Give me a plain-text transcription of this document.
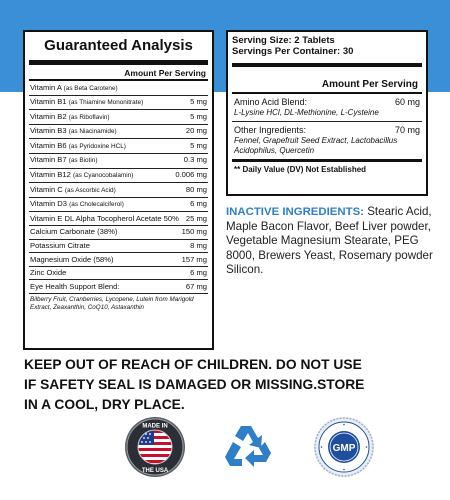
Guaranteed Analysis
Amount Per Serving
Vitamin A (as Beta Carotene)
Vitamin B1 (as Thiamine Mononitrate)	5 mg
Vitamin B2 (as Riboflavin)	5 mg
Vitamin B3 (as Niacinamide)	20 mg
Vitamin B6 (as Pyridoxine HCL)	5 mg
Vitamin B7 (as Biotin)	0.3 mg
Vitamin B12 (as Cyanocobalamin)	0.006 mg
Vitamin C (as Ascorbic Acid)	80 mg
Vitamin D3 (as Cholecalciferol)	6 mg
Vitamin E DL Alpha Tocopherol Acetate 50% 25 mg
Calcium Carbonate (38%)	150 mg
Potassium Citrate	8 mg
Magnesium Oxide (58%)	157 mg
Zinc Oxide	6 mg
Eye Health Support Blend:	67 mg
Bilberry Fruit, Cranberries, Lycopene, Lutein from Marigold Extract, Zeaxanthin, CoQ10, Astaxanthin
Serving Size: 2 Tablets
Servings Per Container: 30
Amount Per Serving
Amino Acid Blend:	60 mg
L-Lysine HCl, DL-Methionine, L-Cysteine
Other Ingredients:	70 mg
Fennel, Grapefruit Seed Extract, Lactobacillus Acidophilus, Quercetin
** Daily Value (DV) Not Established
INACTIVE INGREDIENTS: Stearic Acid, Maple Bacon Flavor, Beef Liver powder, Vegetable Magnesium Stearate, PEG 8000, Brewers Yeast, Rosemary powder Silicon.
KEEP OUT OF REACH OF CHILDREN. DO NOT USE
IF SAFETY SEAL IS DAMAGED OR MISSING.STORE
IN A COOL, DRY PLACE.
MADE IN
THE USA
GMP
